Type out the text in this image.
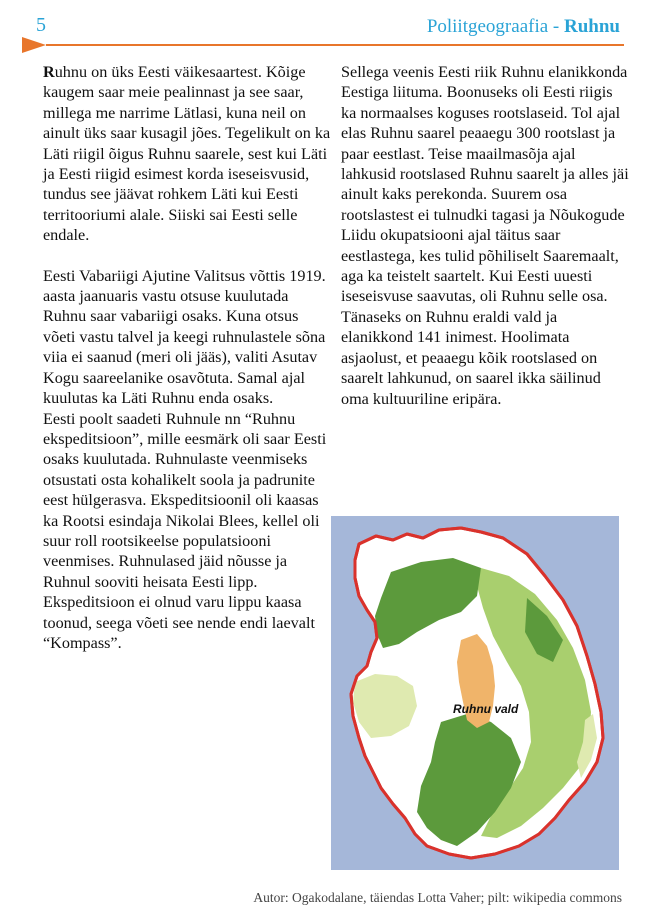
5	Poliitgeograafia - Ruhnu

Ruhnu on üks Eesti väikesaartest. Kõige kaugem saar meie pealinnast ja see saar, millega me narrime Lätlasi, kuna neil on ainult üks saar kusagil jões. Tegelikult on ka Läti riigil õigus Ruhnu saarele, sest kui Läti ja Eesti riigid esimest korda iseseisvusid, tundus see jäävat rohkem Läti kui Eesti territooriumi alale. Siiski sai Eesti selle endale.

Eesti Vabariigi Ajutine Valitsus võttis 1919. aasta jaanuaris vastu otsuse kuulutada Ruhnu saar vabariigi osaks. Kuna otsus võeti vastu talvel ja keegi ruhnulastele sõna viia ei saanud (meri oli jääs), valiti Asutav Kogu saareelanike osavõtuta. Samal ajal kuulutas ka Läti Ruhnu enda osaks.

Eesti poolt saadeti Ruhnule nn “Ruhnu ekspeditsioon”, mille eesmärk oli saar Eesti osaks kuulutada. Ruhnulaste veenmiseks otsustati osta kohalikelt soola ja padrunite eest hülgerasva. Ekspeditsioonil oli kaasas ka Rootsi esindaja Nikolai Blees, kellel oli suur roll rootsikeelse populatsiooni veenmises. Ruhnulased jäid nõusse ja Ruhnul sooviti heisata Eesti lipp. Ekspeditsioon ei olnud varu lippu kaasa toonud, seega võeti see nende endi laevalt “Kompass”.

Sellega veenis Eesti riik Ruhnu elanikkonda Eestiga liituma. Boonuseks oli Eesti riigis ka normaalses koguses rootslaseid. Tol ajal elas Ruhnu saarel peaaegu 300 rootslast ja paar eestlast. Teise maailmasõja ajal lahkusid rootslased Ruhnu saarelt ja alles jäi ainult kaks perekonda. Suurem osa rootslastest ei tulnudki tagasi ja Nõukogude Liidu okupatsiooni ajal täitus saar eestlastega, kes tulid põhiliselt Saaremaalt, aga ka teistelt saartelt. Kui Eesti uuesti iseseisvuse saavutas, oli Ruhnu selle osa. Tänaseks on Ruhnu eraldi vald ja elanikkond 141 inimest. Hoolimata asjaolust, et peaaegu kõik rootslased on saarelt lahkunud, on saarel ikka säilinud oma kultuuriline eripära.

Ruhnu vald
Autor: Ogakodalane, täiendas Lotta Vaher; pilt: wikipedia commons
